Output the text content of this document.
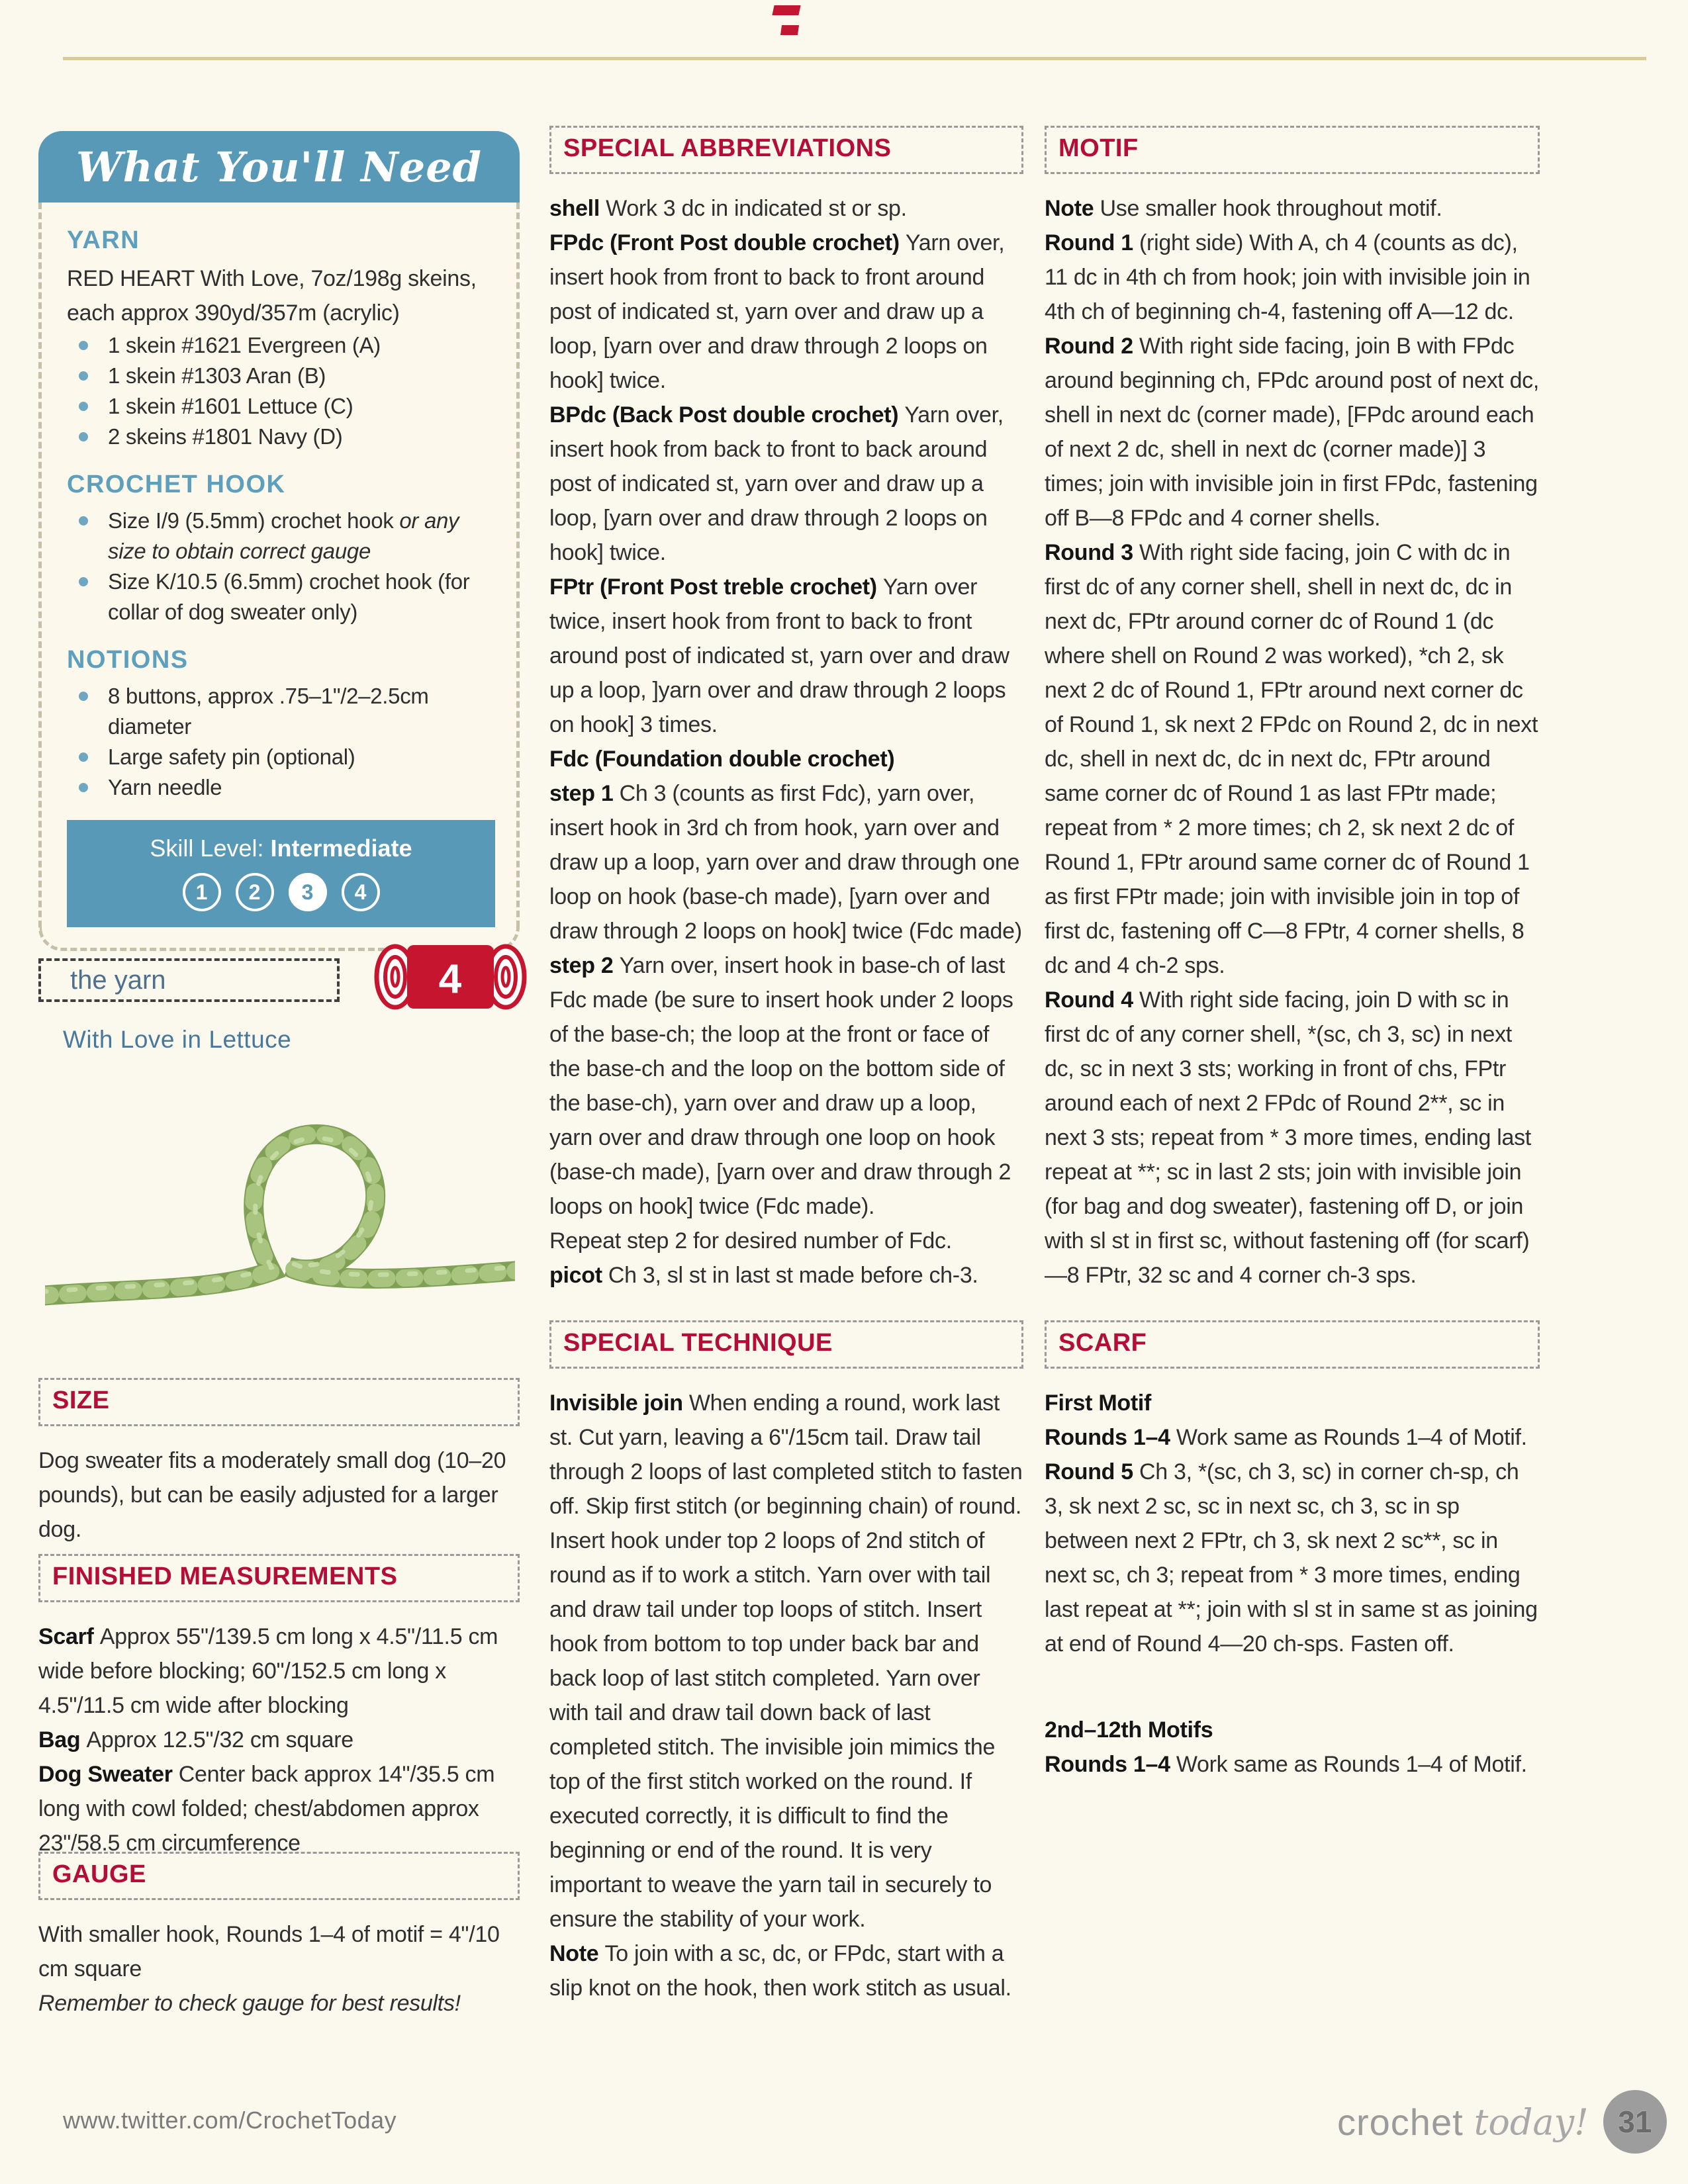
What You'll Need
YARN

RED HEART With Love, 7oz/198g skeins, each approx 390yd/357m (acrylic)

1 skein #1621 Evergreen (A)
1 skein #1303 Aran (B)
1 skein #1601 Lettuce (C)
2 skeins #1801 Navy (D)
CROCHET HOOK
Size I/9 (5.5mm) crochet hook or any size to obtain correct gauge
Size K/10.5 (6.5mm) crochet hook (for collar of dog sweater only)
NOTIONS
8 buttons, approx .75–1"/2–2.5cm diameter
Large safety pin (optional)
Yarn needle
Skill Level: Intermediate
1 2 3 4
the yarn	4
With Love in Lettuce
SIZE

Dog sweater fits a moderately small dog (10–20 pounds), but can be easily adjusted for a larger dog.

FINISHED MEASUREMENTS

Scarf Approx 55"/139.5 cm long x 4.5"/11.5 cm wide before blocking; 60"/152.5 cm long x 4.5"/11.5 cm wide after blocking

Bag Approx 12.5"/32 cm square

Dog Sweater Center back approx 14"/35.5 cm long with cowl folded; chest/abdomen approx 23"/58.5 cm circumference

GAUGE

With smaller hook, Rounds 1–4 of motif = 4"/10 cm square

Remember to check gauge for best results!

SPECIAL ABBREVIATIONS

shell Work 3 dc in indicated st or sp.

FPdc (Front Post double crochet) Yarn over, insert hook from front to back to front around post of indicated st, yarn over and draw up a loop, [yarn over and draw through 2 loops on hook] twice.

BPdc (Back Post double crochet) Yarn over, insert hook from back to front to back around post of indicated st, yarn over and draw up a loop, [yarn over and draw through 2 loops on hook] twice.

FPtr (Front Post treble crochet) Yarn over twice, insert hook from front to back to front around post of indicated st, yarn over and draw up a loop, ]yarn over and draw through 2 loops on hook] 3 times.

Fdc (Foundation double crochet)

step 1 Ch 3 (counts as first Fdc), yarn over, insert hook in 3rd ch from hook, yarn over and draw up a loop, yarn over and draw through one loop on hook (base-ch made), [yarn over and draw through 2 loops on hook] twice (Fdc made)

step 2 Yarn over, insert hook in base-ch of last Fdc made (be sure to insert hook under 2 loops of the base-ch; the loop at the front or face of the base-ch and the loop on the bottom side of the base-ch), yarn over and draw up a loop, yarn over and draw through one loop on hook (base-ch made), [yarn over and draw through 2 loops on hook] twice (Fdc made).

Repeat step 2 for desired number of Fdc.

picot Ch 3, sl st in last st made before ch-3.

SPECIAL TECHNIQUE

Invisible join When ending a round, work last st. Cut yarn, leaving a 6"/15cm tail. Draw tail through 2 loops of last completed stitch to fasten off. Skip first stitch (or beginning chain) of round. Insert hook under top 2 loops of 2nd stitch of round as if to work a stitch. Yarn over with tail and draw tail under top loops of stitch. Insert hook from bottom to top under back bar and back loop of last stitch completed. Yarn over with tail and draw tail down back of last completed stitch. The invisible join mimics the top of the first stitch worked on the round. If executed correctly, it is difficult to find the beginning or end of the round. It is very important to weave the yarn tail in securely to ensure the stability of your work.

Note To join with a sc, dc, or FPdc, start with a slip knot on the hook, then work stitch as usual.

MOTIF

Note Use smaller hook throughout motif.

Round 1 (right side) With A, ch 4 (counts as dc), 11 dc in 4th ch from hook; join with invisible join in 4th ch of beginning ch-4, fastening off A—12 dc.

Round 2 With right side facing, join B with FPdc around beginning ch, FPdc around post of next dc, shell in next dc (corner made), [FPdc around each of next 2 dc, shell in next dc (corner made)] 3 times; join with invisible join in first FPdc, fastening off B—8 FPdc and 4 corner shells.

Round 3 With right side facing, join C with dc in first dc of any corner shell, shell in next dc, dc in next dc, FPtr around corner dc of Round 1 (dc where shell on Round 2 was worked), *ch 2, sk next 2 dc of Round 1, FPtr around next corner dc of Round 1, sk next 2 FPdc on Round 2, dc in next dc, shell in next dc, dc in next dc, FPtr around same corner dc of Round 1 as last FPtr made; repeat from * 2 more times; ch 2, sk next 2 dc of Round 1, FPtr around same corner dc of Round 1 as first FPtr made; join with invisible join in top of first dc, fastening off C—8 FPtr, 4 corner shells, 8 dc and 4 ch-2 sps.

Round 4 With right side facing, join D with sc in first dc of any corner shell, *(sc, ch 3, sc) in next dc, sc in next 3 sts; working in front of chs, FPtr around each of next 2 FPdc of Round 2**, sc in next 3 sts; repeat from * 3 more times, ending last repeat at **; sc in last 2 sts; join with invisible join (for bag and dog sweater), fastening off D, or join with sl st in first sc, without fastening off (for scarf)—8 FPtr, 32 sc and 4 corner ch-3 sps.

SCARF

First Motif

Rounds 1–4 Work same as Rounds 1–4 of Motif.

Round 5 Ch 3, *(sc, ch 3, sc) in corner ch-sp, ch 3, sk next 2 sc, sc in next sc, ch 3, sc in sp between next 2 FPtr, ch 3, sk next 2 sc**, sc in next sc, ch 3; repeat from * 3 more times, ending last repeat at **; join with sl st in same st as joining at end of Round 4—20 ch-sps. Fasten off.

2nd–12th Motifs

Rounds 1–4 Work same as Rounds 1–4 of Motif.

www.twitter.com/CrochetToday	crochet today! 31
